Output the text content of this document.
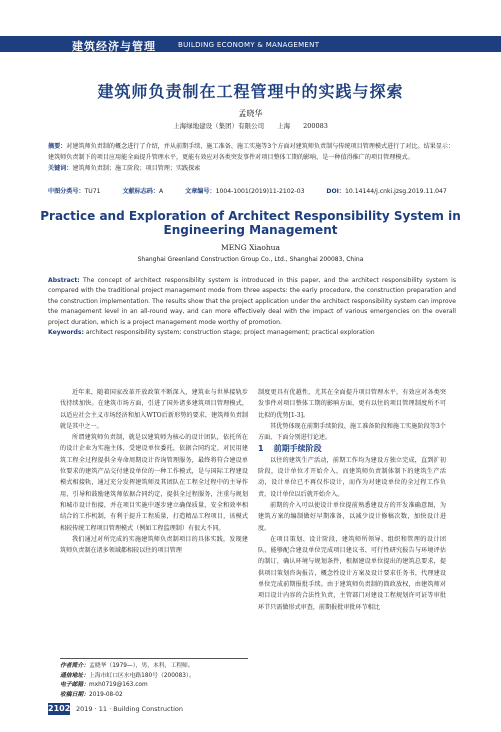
建筑经济与管理	BUILDING ECONOMY & MANAGEMENT
建筑师负责制在工程管理中的实践与探索
孟晓华
上海绿地建设（集团）有限公司　　上海　　200083

摘要：对建筑师负责制的概念进行了介绍，并从前期手续、施工准备、施工实施等3个方面对建筑师负责制与传统项目管理模式进行了对比。结果显示：建筑师负责制下的项目应用能全面提升管理水平，更能有效应对各类突发事件对项目整体工期的影响，是一种值得推广的项目管理模式。

关键词：建筑师负责制；施工阶段；项目管理；实践探索

中图分类号：TU71	文献标志码：A	文章编号：1004-1001(2019)11-2102-03	DOI：10.14144/j.cnki.jzsg.2019.11.047
Practice and Exploration of Architect Responsibility System in Engineering Management
MENG Xiaohua
Shanghai Greenland Construction Group Co., Ltd., Shanghai 200083, China

Abstract: The concept of architect responsibility system is introduced in this paper, and the architect responsibility system is compared with the traditional project management mode from three aspects: the early procedure, the construction preparation and the construction implementation. The results show that the project application under the architect responsibility system can improve the management level in an all-round way, and can more effectively deal with the impact of various emergencies on the overall project duration, which is a project management mode worthy of promotion.

Keywords: architect responsibility system; construction stage; project management; practical exploration

近年来，随着国家改革开放政策不断深入，建筑业与世界接轨步伐持续加快。在建筑市场方面，引进了国外诸多建筑项目管理模式，以适应社会主义市场经济和加入WTO后新形势的要求，建筑师负责制就是其中之一。

所谓建筑师负责制，就是以建筑师为核心的设计团队，依托所在的设计企业为实施主体，受建设单位委托，依据合同约定，对民用建筑工程全过程提供全寿命周期设计咨询管理服务，最终将符合建设单位要求的建筑产品交付建设单位的一种工作模式，是与国际工程建设模式相接轨，通过充分发挥建筑师及其团队在工程全过程中的主导作用，引导和鼓励建筑师依据合同约定，提供全过程服务，注重与规划和城市设计衔接，并在项目实施中逐步建立确保质量、安全和效率相结合的工作机制，有利于提升工程质量，打造精品工程项目，该模式相较传统工程项目管理模式（例如工程监理制）有很大不同。

我们通过对所完成的实施建筑师负责制项目的具体实践，发现建筑师负责制在诸多领域都相较以往的项目管理

制度更具有优越性，尤其在全面提升项目管理水平，有效应对各类突发事件对项目整体工期的影响方面，更有以往的项目管理制度所不可比拟的优势[1-3]。

其优势体现在前期手续阶段、施工准备阶段和施工实施阶段等3个方面，下面分别进行论述。

1 前期手续阶段

以往的建筑生产活动，前期工作均为建设方独立完成，直到扩初阶段，设计单位才开始介入，而建筑师负责制体制下的建筑生产活动，设计单位已不再仅作设计，而作为对建设单位的全过程工作负责，设计单位以后就开始介入。

前期的介入可以使设计单位提前熟悉建设方的开发准确意图，为建筑方案的编制做好早期准备，以减少设计修稿次数，加快设计进度。

在项目策划、设计阶段，建筑师所领导、组织和管理的设计团队，能够配合建设单位完成项目建议书、可行性研究报告与环境评估的制订，确认环境与规划条件，根据建设单位提出的建筑总要求，提供项目策划咨询报告，概念性设计方案及设计要求任务书，代理建设单位完成前期报批手续。由于建筑师负责制的简政放权，由建筑师对项目设计内容的合法性负责，主管部门对建设工程规划许可证等审批环节只需做形式审查，前期报批审批环节相比

作者简介：孟晓华（1979—），男，本科，工程师。

通信地址：上海市虹口区水电路180号（200083）。

电子邮箱：mxh0719@163.com

收稿日期：2019-08-02

2102 2019 · 11 · Building Construction
